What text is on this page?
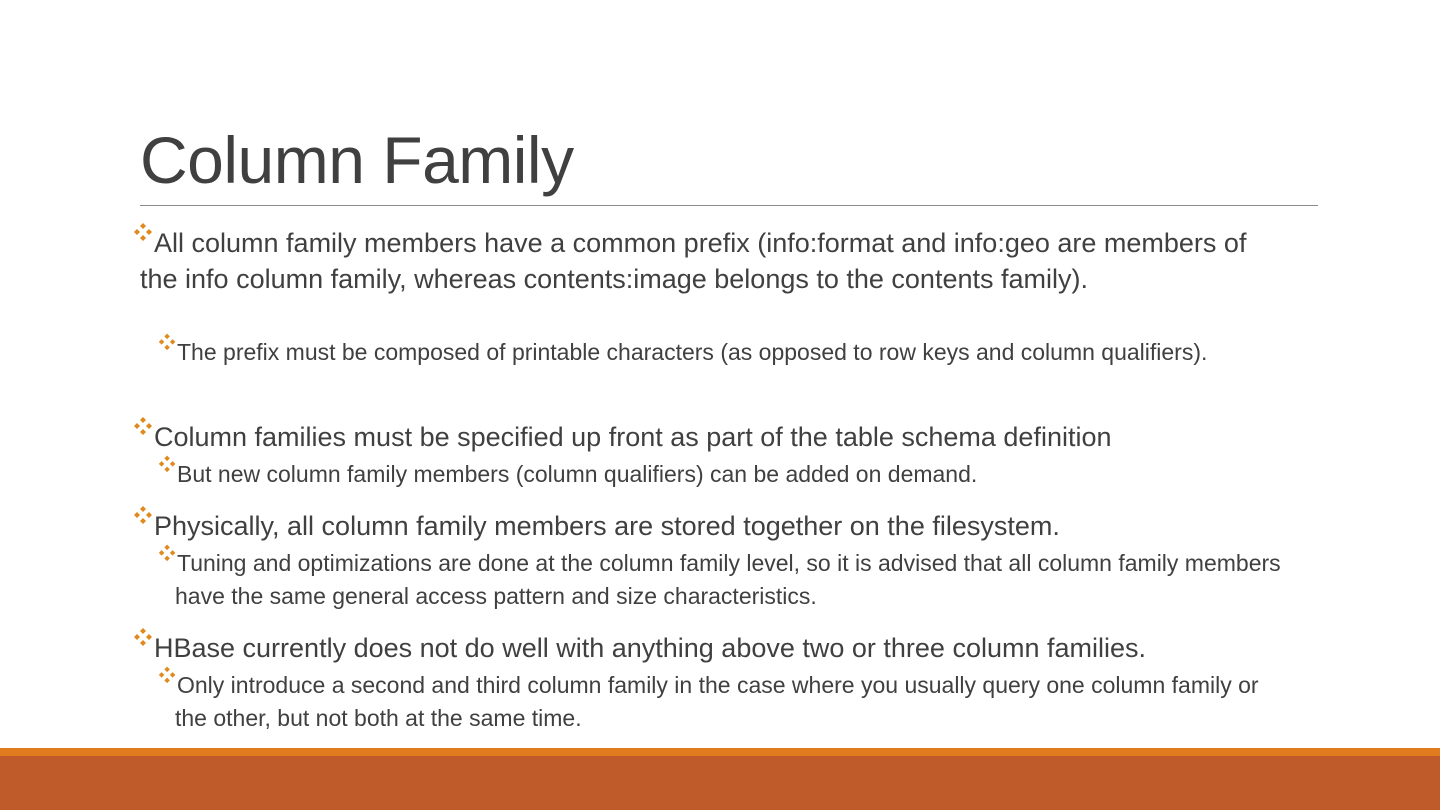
Column Family
All column family members have a common prefix (info:format and info:geo are members of the info column family, whereas contents:image belongs to the contents family).
The prefix must be composed of printable characters (as opposed to row keys and column qualifiers).
Column families must be specified up front as part of the table schema definition
But new column family members (column qualifiers) can be added on demand.
Physically, all column family members are stored together on the filesystem.
Tuning and optimizations are done at the column family level, so it is advised that all column family members have the same general access pattern and size characteristics.
HBase currently does not do well with anything above two or three column families.
Only introduce a second and third column family in the case where you usually query one column family or the other, but not both at the same time.
